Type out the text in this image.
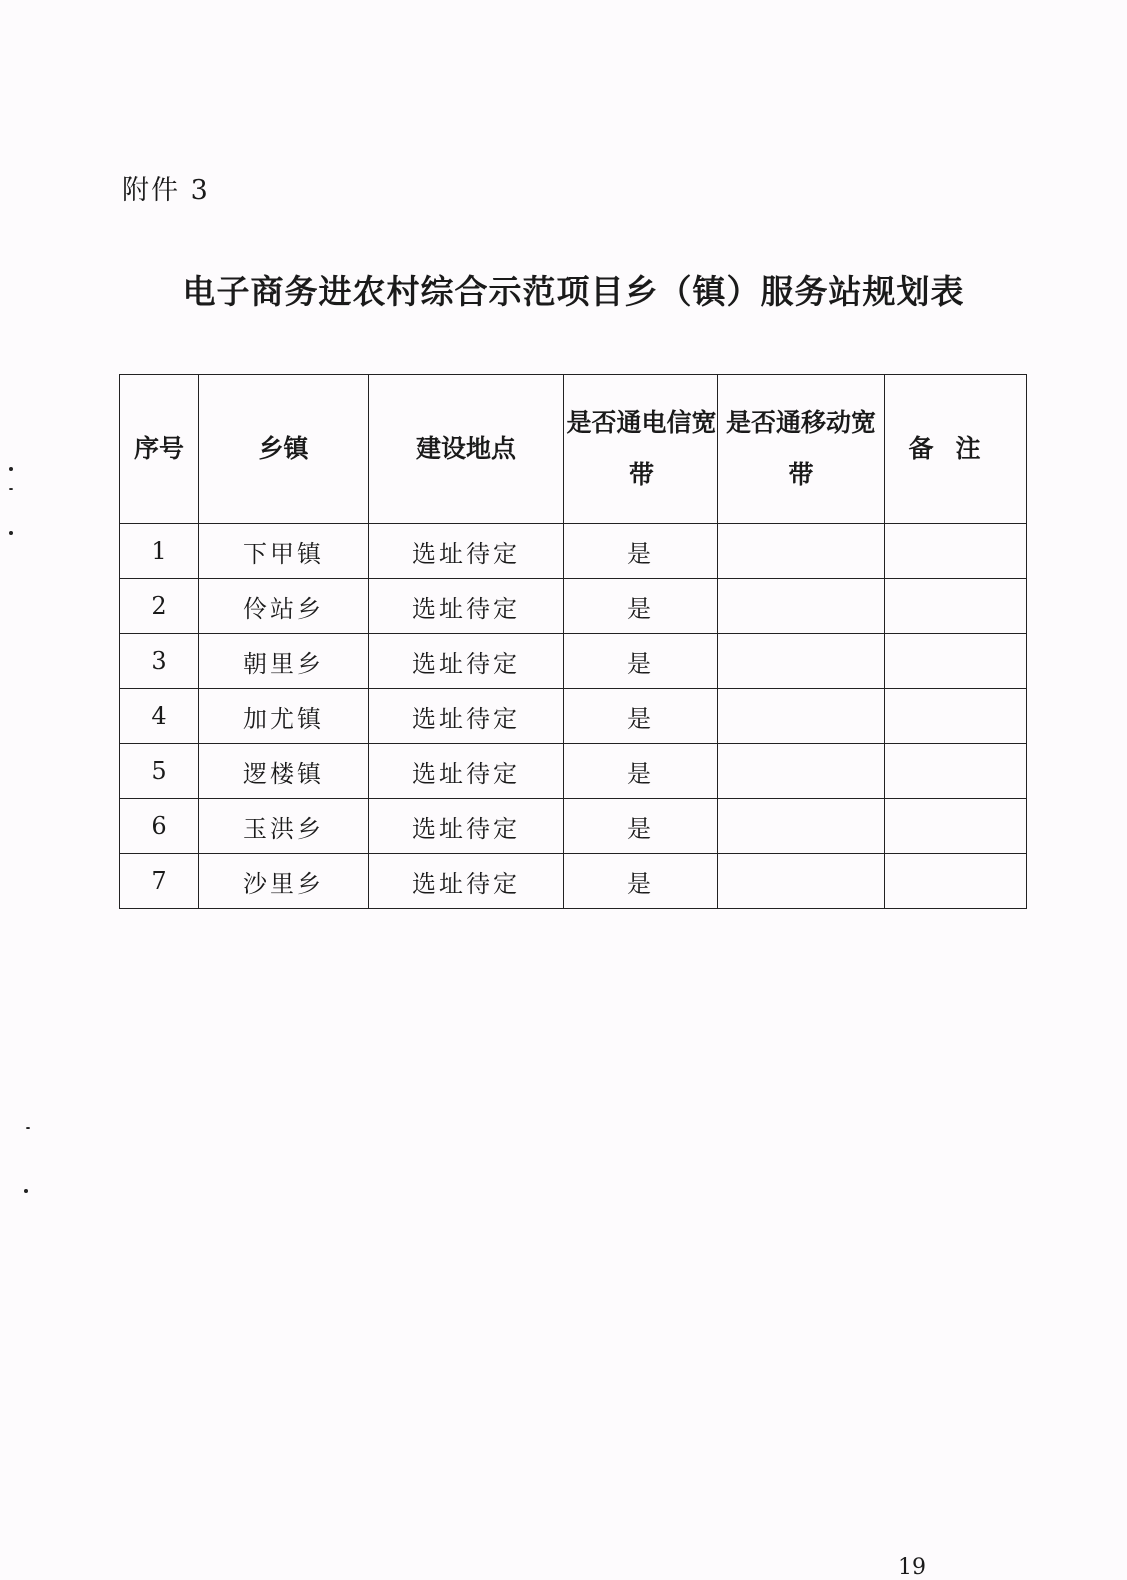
附件 3
电子商务进农村综合示范项目乡（镇）服务站规划表
序号	乡镇	建设地点	是否通电信宽带	是否通移动宽带	备注
1	下甲镇	选址待定	是		
2	伶站乡	选址待定	是		
3	朝里乡	选址待定	是		
4	加尤镇	选址待定	是		
5	逻楼镇	选址待定	是		
6	玉洪乡	选址待定	是		
7	沙里乡	选址待定	是		
19
